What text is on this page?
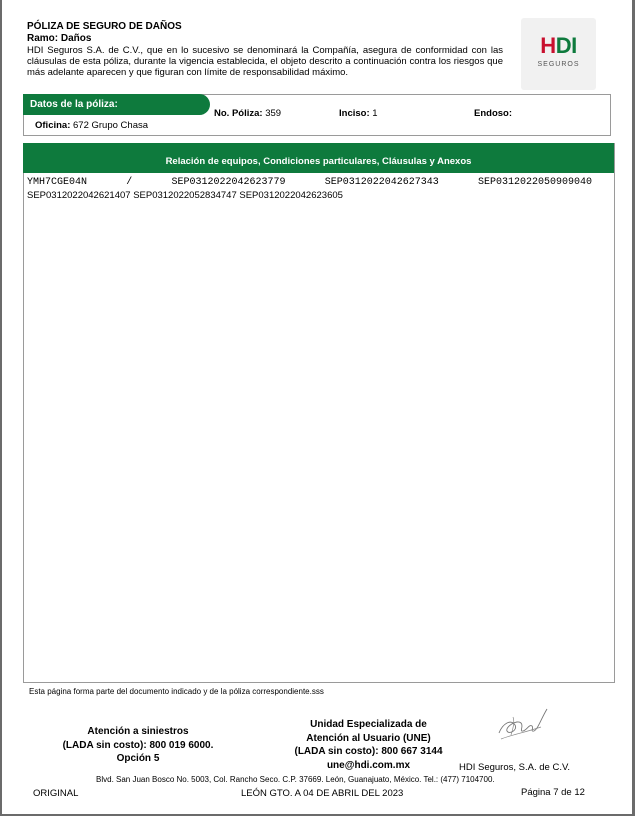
PÓLIZA DE SEGURO DE DAÑOS
Ramo: Daños
HDI Seguros S.A. de C.V., que en lo sucesivo se denominará la Compañía, asegura de conformidad con las cláusulas de esta póliza, durante la vigencia establecida, el objeto descrito a continuación contra los riesgos que más adelante aparecen y que figuran con límite de responsabilidad máximo.
HDI
SEGUROS
Datos de la póliza:
No. Póliza: 359	Inciso: 1	Endoso:
Oficina: 672 Grupo Chasa
Relación de equipos, Condiciones particulares, Cláusulas y Anexos
YMH7CGE04N	/	SEP0312022042623779	SEP0312022042627343	SEP0312022050909040
SEP0312022042621407 SEP0312022052834747 SEP0312022042623605
Esta página forma parte del documento indicado y de la póliza correspondiente.sss
Atención a siniestros
(LADA sin costo): 800 019 6000.
Opción 5
Unidad Especializada de
Atención al Usuario (UNE)
(LADA sin costo): 800 667 3144
une@hdi.com.mx	HDI Seguros, S.A. de C.V.
Blvd. San Juan Bosco No. 5003, Col. Rancho Seco. C.P. 37669. León, Guanajuato, México. Tel.: (477) 7104700.
ORIGINAL	LEÓN GTO. A 04 DE ABRIL DEL 2023	Página 7 de 12
